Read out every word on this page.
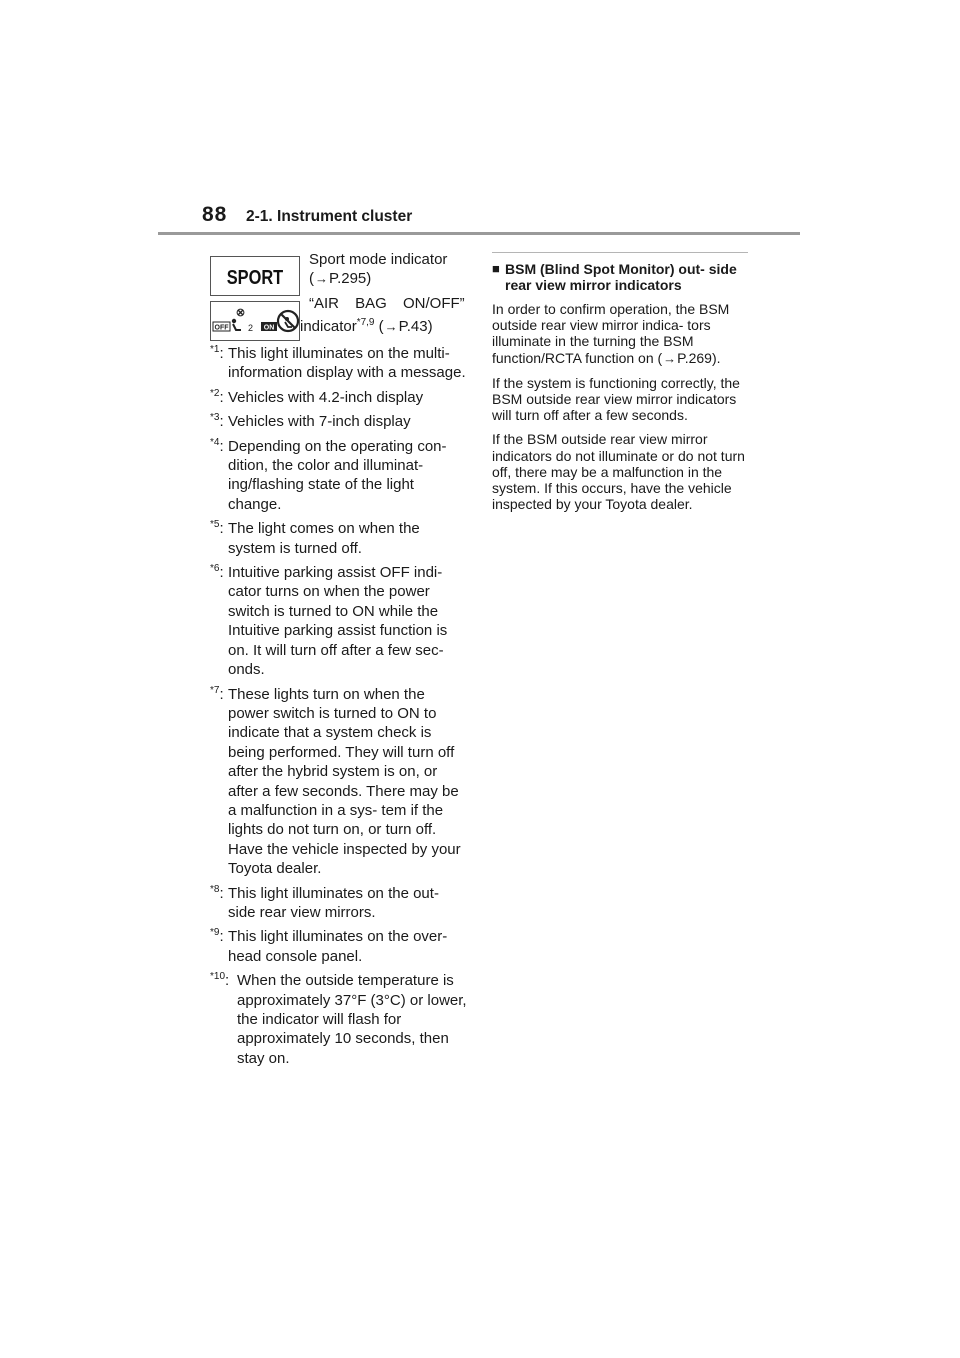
88 2-1. Instrument cluster
SPORT
Sport mode indicator
(→P.295)
OFF 2 ON
“AIR BAG ON/OFF”
indicator$^{*7,9}$ (→P.43)
$^{*1}$: This light illuminates on the multi-information display with a message.
$^{*2}$: Vehicles with 4.2-inch display
$^{*3}$: Vehicles with 7-inch display
$^{*4}$: Depending on the operating con- dition, the color and illuminat- ing/flashing state of the light change.
$^{*5}$: The light comes on when the system is turned off.
$^{*6}$: Intuitive parking assist OFF indi- cator turns on when the power switch is turned to ON while the Intuitive parking assist function is on. It will turn off after a few sec- onds.
$^{*7}$: These lights turn on when the power switch is turned to ON to indicate that a system check is being performed. They will turn off after the hybrid system is on, or after a few seconds. There may be a malfunction in a sys- tem if the lights do not turn on, or turn off. Have the vehicle inspected by your Toyota dealer.
$^{*8}$: This light illuminates on the out- side rear view mirrors.
$^{*9}$: This light illuminates on the over- head console panel.
$^{*10}$: When the outside temperature is approximately 37°F (3°C) or lower, the indicator will flash for approximately 10 seconds, then stay on.
■ BSM (Blind Spot Monitor) out- side rear view mirror indicators
In order to confirm operation, the BSM outside rear view mirror indica- tors illuminate in the turning the BSM function/RCTA function on (→P.269).
If the system is functioning correctly, the BSM outside rear view mirror indicators will turn off after a few seconds.
If the BSM outside rear view mirror indicators do not illuminate or do not turn off, there may be a malfunction in the system. If this occurs, have the vehicle inspected by your Toyota dealer.
